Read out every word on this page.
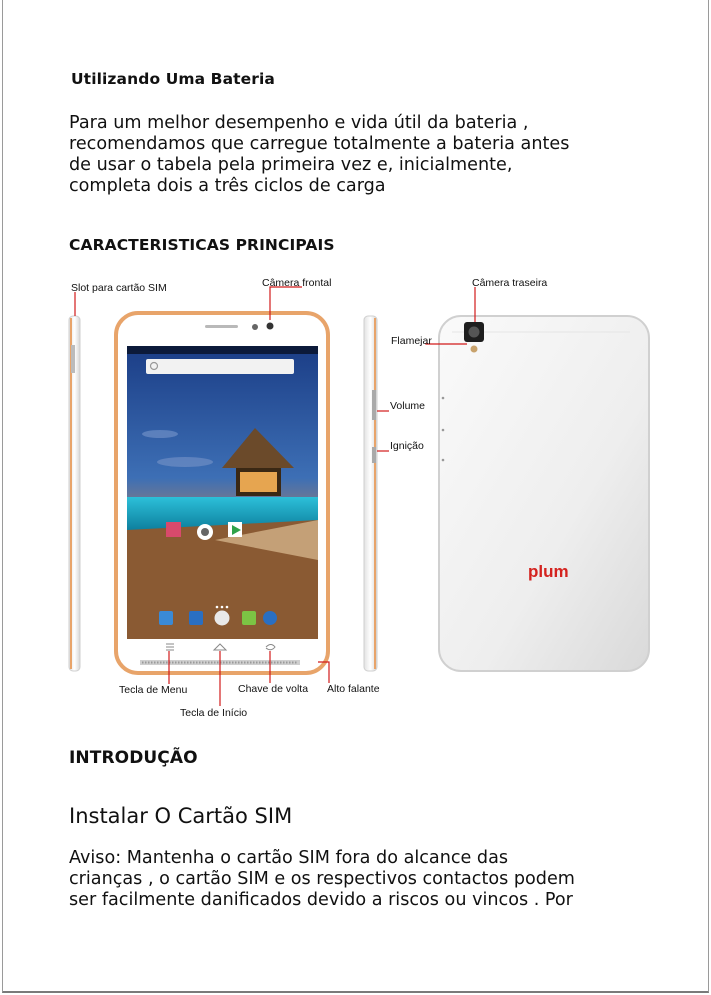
Utilizando Uma Bateria
Para um melhor desempenho e vida útil da bateria ,
recomendamos que carregue totalmente a bateria antes
de usar o tabela pela primeira vez e, inicialmente,
completa dois a três ciclos de carga
CARACTERISTICAS PRINCIPAIS
Slot para cartão SIM	Câmera frontal	Câmera traseira
Flamejar
Volume
Ignição
Tecla de Menu
Tecla de Início
Chave de volta Alto falante
plum
INTRODUÇÃO
Instalar O Cartão SIM
Aviso: Mantenha o cartão SIM fora do alcance das
crianças , o cartão SIM e os respectivos contactos podem
ser facilmente danificados devido a riscos ou vincos . Por
